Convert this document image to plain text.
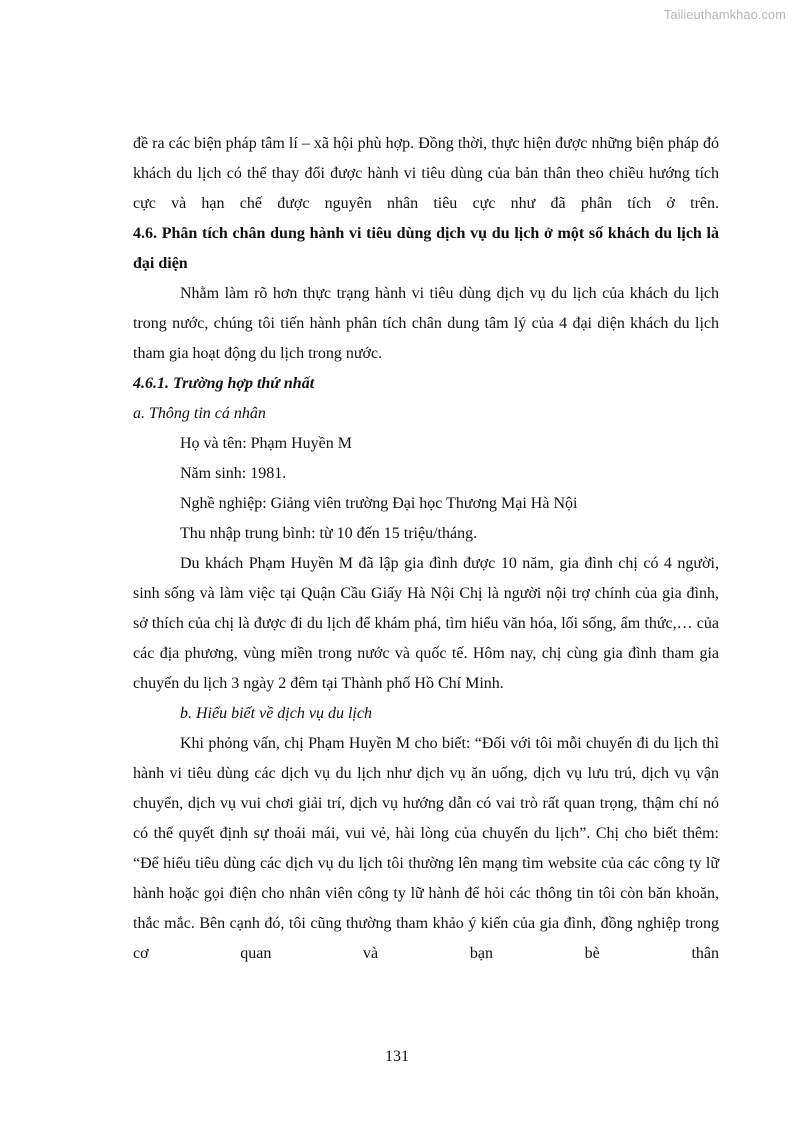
Tailieuthamkhao.com

đề ra các biện pháp tâm lí – xã hội phù hợp. Đồng thời, thực hiện được những biện pháp đó khách du lịch có thể thay đổi được hành vi tiêu dùng của bản thân theo chiều hướng tích cực và hạn chế được nguyên nhân tiêu cực như đã phân tích ở trên.

4.6. Phân tích chân dung hành vi tiêu dùng dịch vụ du lịch ở một số khách du lịch là đại diện

Nhằm làm rõ hơn thực trạng hành vi tiêu dùng dịch vụ du lịch của khách du lịch trong nước, chúng tôi tiến hành phân tích chân dung tâm lý của 4 đại diện khách du lịch tham gia hoạt động du lịch trong nước.

4.6.1. Trường hợp thứ nhất

a. Thông tin cá nhân

Họ và tên: Phạm Huyền M

Năm sinh: 1981.

Nghề nghiệp: Giảng viên trường Đại học Thương Mại Hà Nội

Thu nhập trung bình: từ 10 đến 15 triệu/tháng.

Du khách Phạm Huyền M đã lập gia đình được 10 năm, gia đình chị có 4 người, sinh sống và làm việc tại Quận Cầu Giấy Hà Nội Chị là người nội trợ chính của gia đình, sở thích của chị là được đi du lịch để khám phá, tìm hiểu văn hóa, lối sống, ẩm thức,… của các địa phương, vùng miền trong nước và quốc tế. Hôm nay, chị cùng gia đình tham gia chuyến du lịch 3 ngày 2 đêm tại Thành phố Hồ Chí Minh.

b. Hiểu biết về dịch vụ du lịch

Khi phỏng vấn, chị Phạm Huyền M cho biết: “Đối với tôi mỗi chuyến đi du lịch thì hành vi tiêu dùng các dịch vụ du lịch như dịch vụ ăn uống, dịch vụ lưu trú, dịch vụ vận chuyển, dịch vụ vui chơi giải trí, dịch vụ hướng dẫn có vai trò rất quan trọng, thậm chí nó có thể quyết định sự thoải mái, vui vẻ, hài lòng của chuyến du lịch”. Chị cho biết thêm: “Để hiểu tiêu dùng các dịch vụ du lịch tôi thường lên mạng tìm website của các công ty lữ hành hoặc gọi điện cho nhân viên công ty lữ hành để hỏi các thông tin tôi còn băn khoăn, thắc mắc. Bên cạnh đó, tôi cũng thường tham khảo ý kiến của gia đình, đồng nghiệp trong cơ quan và bạn bè thân

131
